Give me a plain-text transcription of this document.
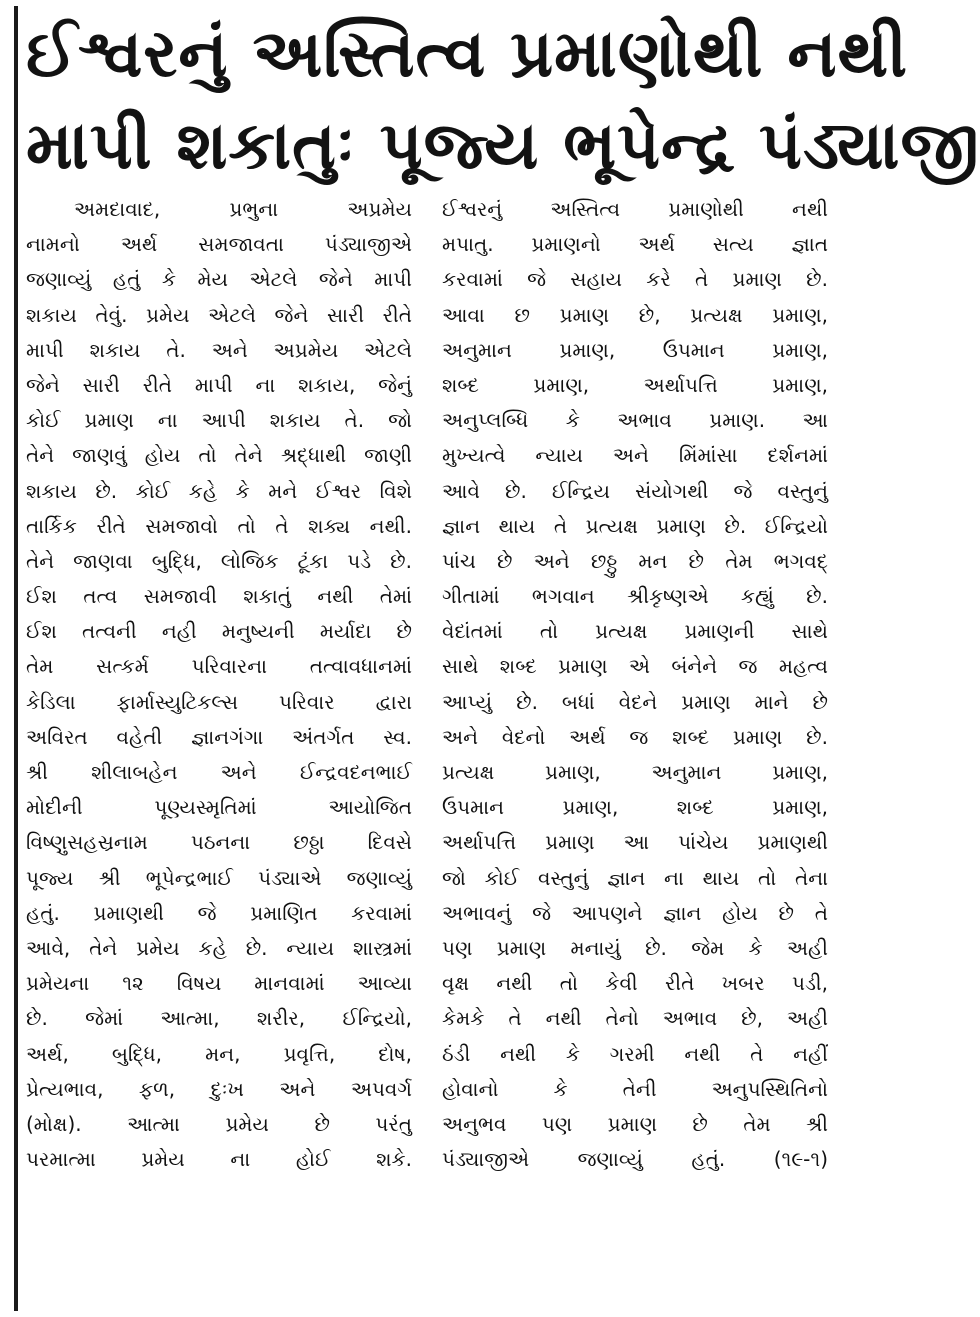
ઈશ્વરનું અસ્તિત્વ પ્રમાણોથી નથી
માપી શકાતુઃ પૂજ્ય ભૂપેન્દ્ર પંડ્યાજી
અમદાવાદ, પ્રભુના અપ્રમેય
નામનો અર્થ સમજાવતા પંડ્યાજીએ
જણાવ્યું હતું કે મેય એટલે જેને માપી
શકાય તેવું. પ્રમેય એટલે જેને સારી રીતે
માપી શકાય તે. અને અપ્રમેય એટલે
જેને સારી રીતે માપી ના શકાય, જેનું
કોઈ પ્રમાણ ના આપી શકાય તે. જો
તેને જાણવું હોય તો તેને શ્રદ્ધાથી જાણી
શકાય છે. કોઈ કહે કે મને ઈશ્વર વિશે
તાર્કિક રીતે સમજાવો તો તે શક્ય નથી.
તેને જાણવા બુદ્ધિ, લોજિક ટૂંકા પડે છે.
ઈશ તત્વ સમજાવી શકાતું નથી તેમાં
ઈશ તત્વની નહી મનુષ્યની મર્યાદા છે
તેમ સત્કર્મ પરિવારના તત્વાવધાનમાં
કેડિલા ફાર્માસ્યુટિકલ્સ પરિવાર દ્વારા
અવિરત વહેતી જ્ઞાનગંગા અંતર્ગત સ્વ.
શ્રી શીલાબહેન અને ઈન્દ્રવદનભાઈ
મોદીની પૂણ્યસ્મૃતિમાં આયોજિત
વિષ્ણુસહસ્રનામ પઠનના છઠ્ઠા દિવસે
પૂજ્ય શ્રી ભૂપેન્દ્રભાઈ પંડ્યાએ જણાવ્યું
હતું. પ્રમાણથી જે પ્રમાણિત કરવામાં
આવે, તેને પ્રમેય કહે છે. ન્યાય શાસ્ત્રમાં
પ્રમેયના ૧૨ વિષય માનવામાં આવ્યા
છે. જેમાં આત્મા, શરીર, ઈન્દ્રિયો,
અર્થ, બુદ્ધિ, મન, પ્રવૃત્તિ, દોષ,
પ્રેત્યભાવ, ફળ, દુઃખ અને અપવર્ગ
(મોક્ષ). આત્મા પ્રમેય છે પરંતુ
પરમાત્મા પ્રમેય ના હોઈ શકે.
ઈશ્વરનું અસ્તિત્વ પ્રમાણોથી નથી
મપાતુ. પ્રમાણનો અર્થ સત્ય જ્ઞાત
કરવામાં જે સહાય કરે તે પ્રમાણ છે.
આવા છ પ્રમાણ છે, પ્રત્યક્ષ પ્રમાણ,
અનુમાન પ્રમાણ, ઉપમાન પ્રમાણ,
શબ્દ પ્રમાણ, અર્થાપત્તિ પ્રમાણ,
અનુપ્લબ્ધિ કે અભાવ પ્રમાણ. આ
મુખ્યત્વે ન્યાય અને મિંમાંસા દર્શનમાં
આવે છે. ઈન્દ્રિય સંયોગથી જે વસ્તુનું
જ્ઞાન થાય તે પ્રત્યક્ષ પ્રમાણ છે. ઈન્દ્રિયો
પાંચ છે અને છઠ્ઠુ મન છે તેમ ભગવદ્
ગીતામાં ભગવાન શ્રીકૃષ્ણએ કહ્યું છે.
વેદાંતમાં તો પ્રત્યક્ષ પ્રમાણની સાથે
સાથે શબ્દ પ્રમાણ એ બંનેને જ મહત્વ
આપ્યું છે. બધાં વેદને પ્રમાણ માને છે
અને વેદનો અર્થ જ શબ્દ પ્રમાણ છે.
પ્રત્યક્ષ પ્રમાણ, અનુમાન પ્રમાણ,
ઉપમાન પ્રમાણ, શબ્દ પ્રમાણ,
અર્થાપત્તિ પ્રમાણ આ પાંચેય પ્રમાણથી
જો કોઈ વસ્તુનું જ્ઞાન ના થાય તો તેના
અભાવનું જે આપણને જ્ઞાન હોય છે તે
પણ પ્રમાણ મનાયું છે. જેમ કે અહી
વૃક્ષ નથી તો કેવી રીતે ખબર પડી,
કેમકે તે નથી તેનો અભાવ છે, અહી
ઠંડી નથી કે ગરમી નથી તે નહીં
હોવાનો કે તેની અનુપસ્થિતિનો
અનુભવ પણ પ્રમાણ છે તેમ શ્રી
પંડ્યાજીએ જણાવ્યું હતું. (૧૯-૧)
